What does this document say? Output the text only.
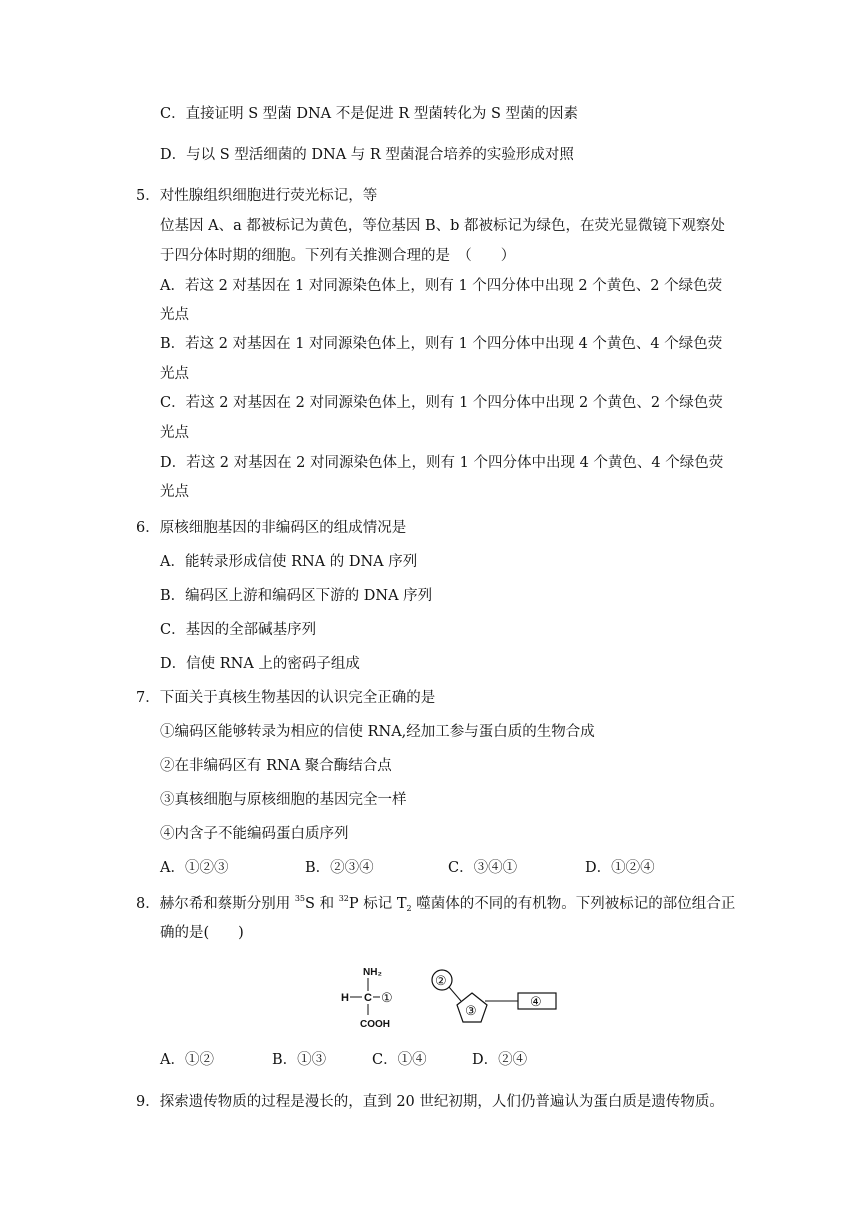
C．直接证明 S 型菌 DNA 不是促进 R 型菌转化为 S 型菌的因素
D．与以 S 型活细菌的 DNA 与 R 型菌混合培养的实验形成对照
5．对性腺组织细胞进行荧光标记，等
位基因 A、a 都被标记为黄色，等位基因 B、b 都被标记为绿色，在荧光显微镜下观察处
于四分体时期的细胞。下列有关推测合理的是　（　　）
A．若这 2 对基因在 1 对同源染色体上，则有 1 个四分体中出现 2 个黄色、2 个绿色荧
光点
B．若这 2 对基因在 1 对同源染色体上，则有 1 个四分体中出现 4 个黄色、4 个绿色荧
光点
C．若这 2 对基因在 2 对同源染色体上，则有 1 个四分体中出现 2 个黄色、2 个绿色荧
光点
D．若这 2 对基因在 2 对同源染色体上，则有 1 个四分体中出现 4 个黄色、4 个绿色荧
光点
6．原核细胞基因的非编码区的组成情况是
A．能转录形成信使 RNA 的 DNA 序列
B．编码区上游和编码区下游的 DNA 序列
C．基因的全部碱基序列
D．信使 RNA 上的密码子组成
7．下面关于真核生物基因的认识完全正确的是
①编码区能够转录为相应的信使 RNA,经加工参与蛋白质的生物合成
②在非编码区有 RNA 聚合酶结合点
③真核细胞与原核细胞的基因完全一样
④内含子不能编码蛋白质序列
A．①②③	B．②③④	C．③④①	D．①②④
8．赫尔希和蔡斯分别用 $^{35}$S 和 $^{32}$P 标记 $T_2$ 噬菌体的不同的有机物。下列被标记的部位组合正
确的是(　　)
NH₂
H C ①
COOH
②
③
④
A．①②	B．①③	C．①④	D．②④
9．探索遗传物质的过程是漫长的，直到 20 世纪初期，人们仍普遍认为蛋白质是遗传物质。
